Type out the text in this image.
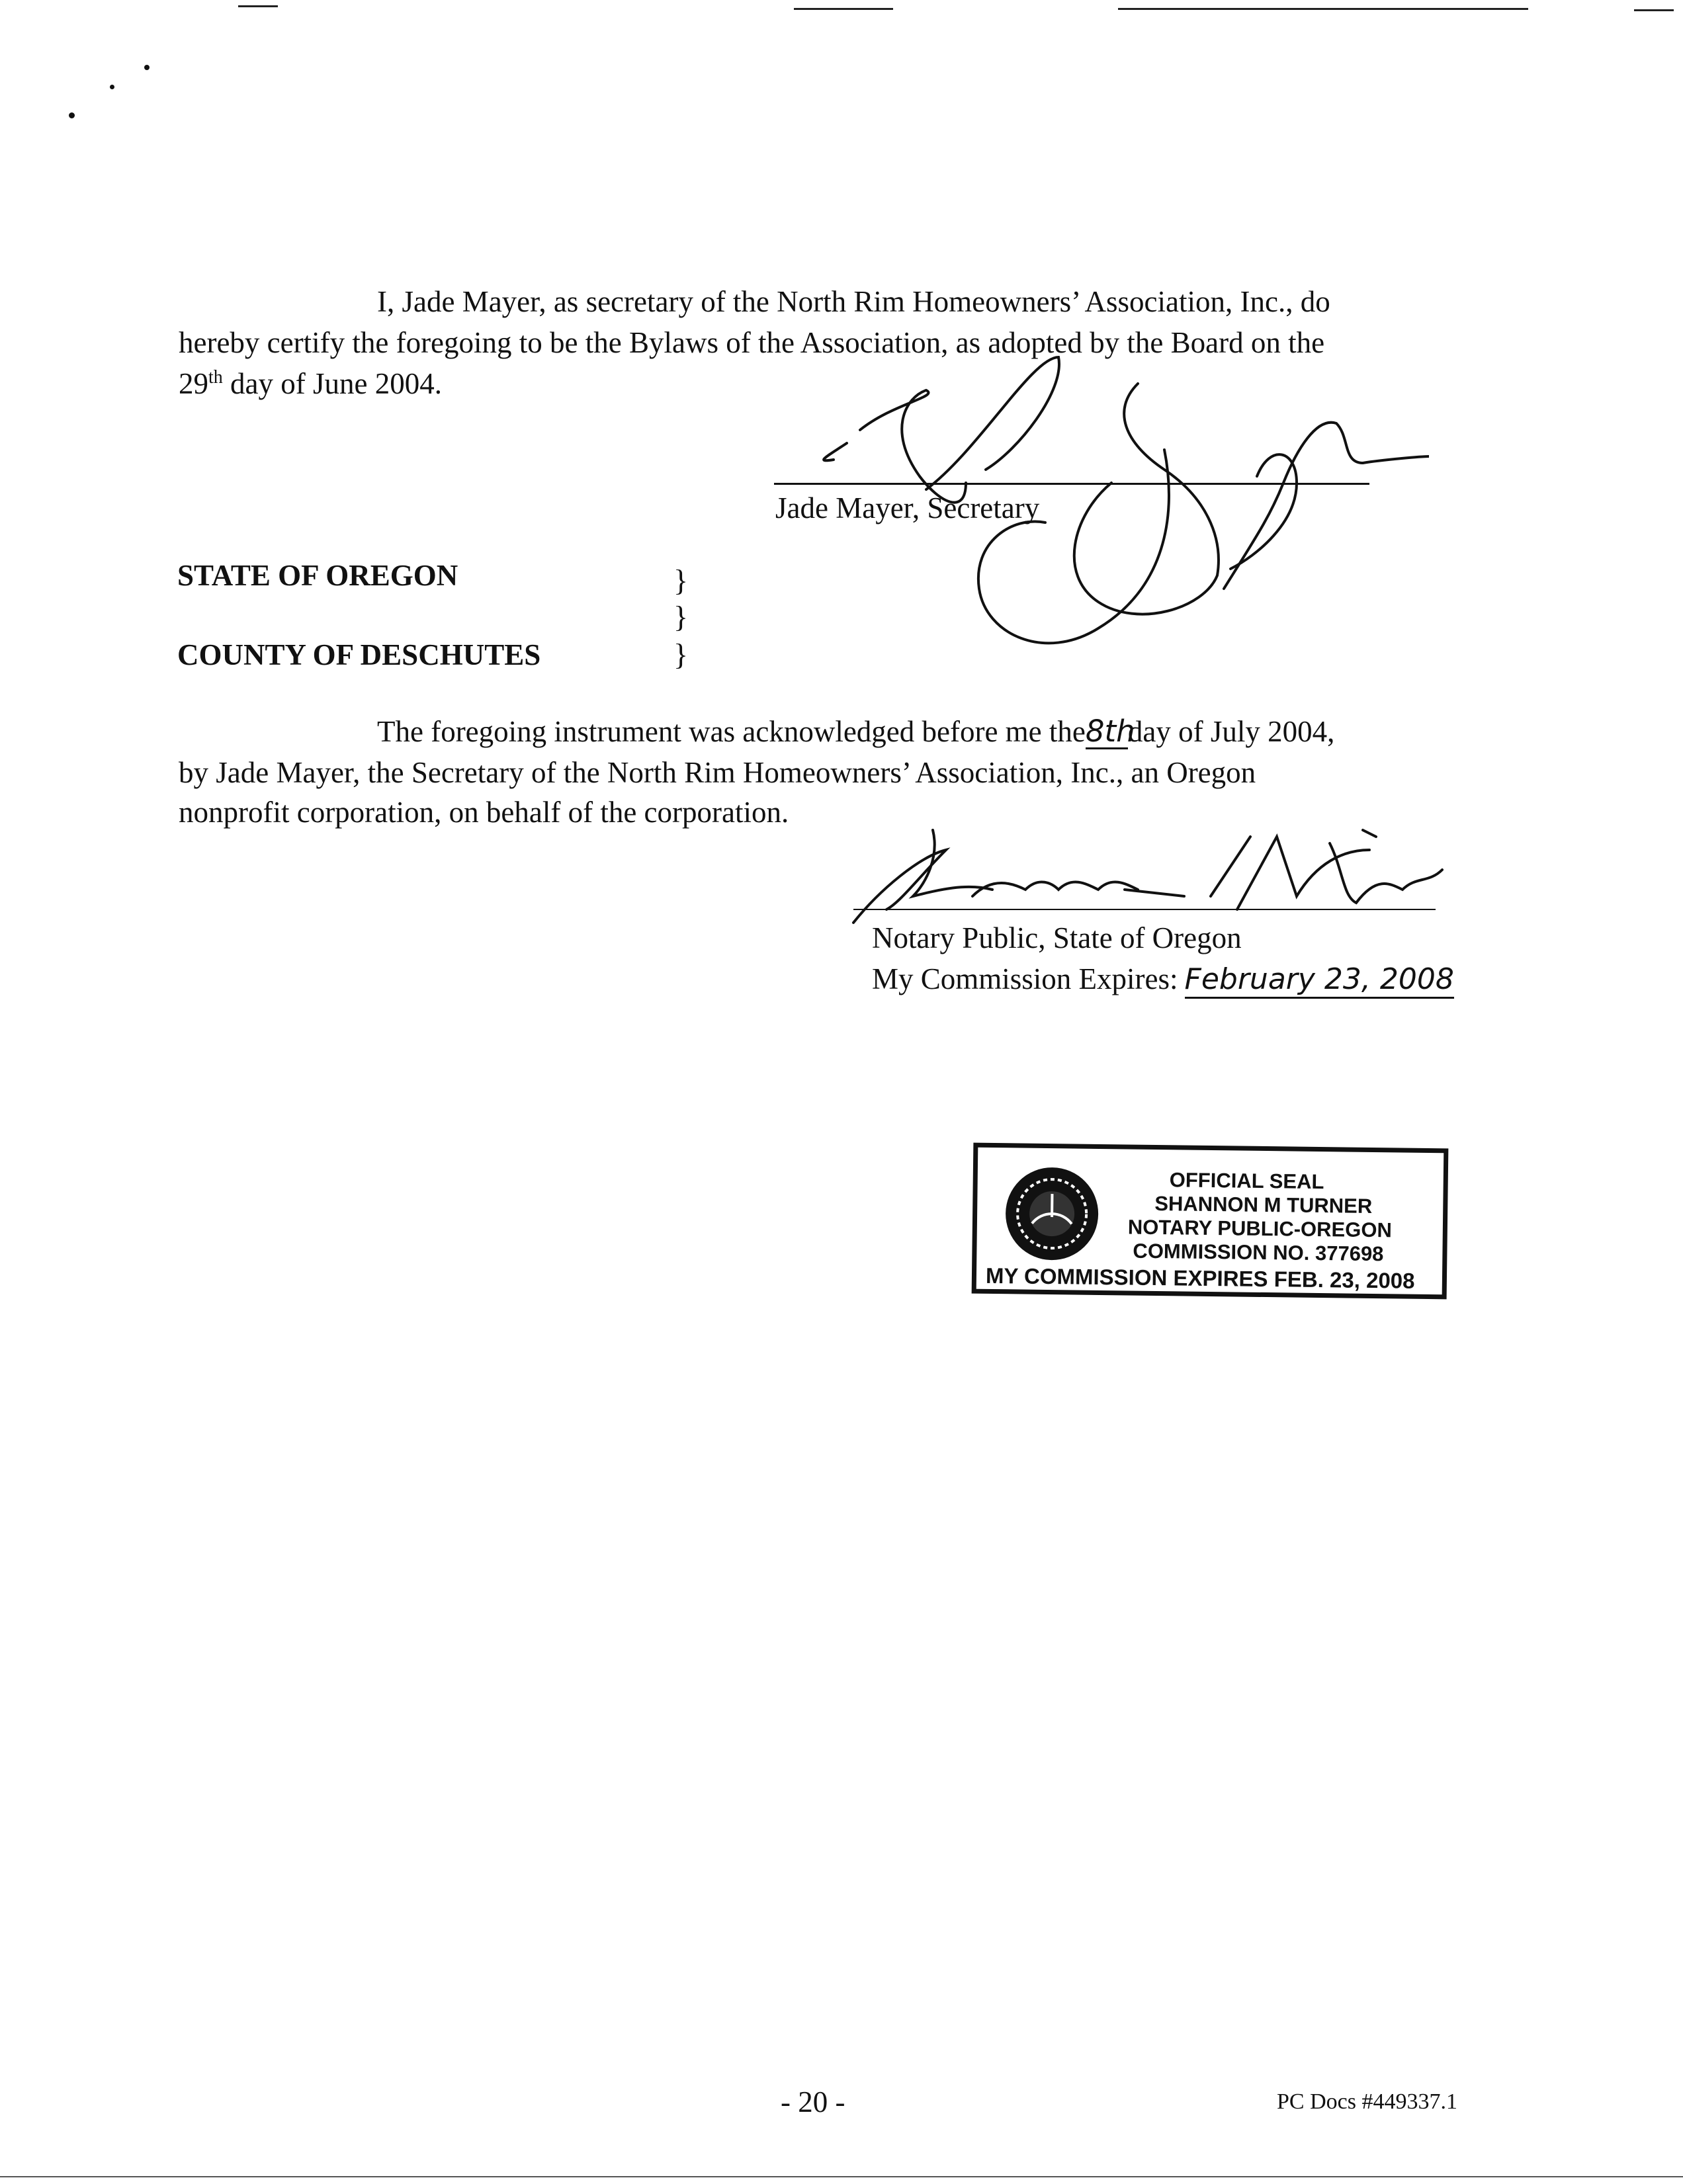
I, Jade Mayer, as secretary of the North Rim Homeowners’ Association, Inc., do
hereby certify the foregoing to be the Bylaws of the Association, as adopted by the Board on the
29th day of June 2004.
Jade Mayer, Secretary
STATE OF OREGON
COUNTY OF DESCHUTES
}
}
}
The foregoing instrument was acknowledged before me the8thday of July 2004,
by Jade Mayer, the Secretary of the North Rim Homeowners’ Association, Inc., an Oregon
nonprofit corporation, on behalf of the corporation.
Notary Public, State of Oregon
My Commission Expires: February 23, 2008
OFFICIAL SEAL
SHANNON M TURNER
NOTARY PUBLIC-OREGON
COMMISSION NO. 377698
MY COMMISSION EXPIRES FEB. 23, 2008
- 20 -	PC Docs #449337.1
